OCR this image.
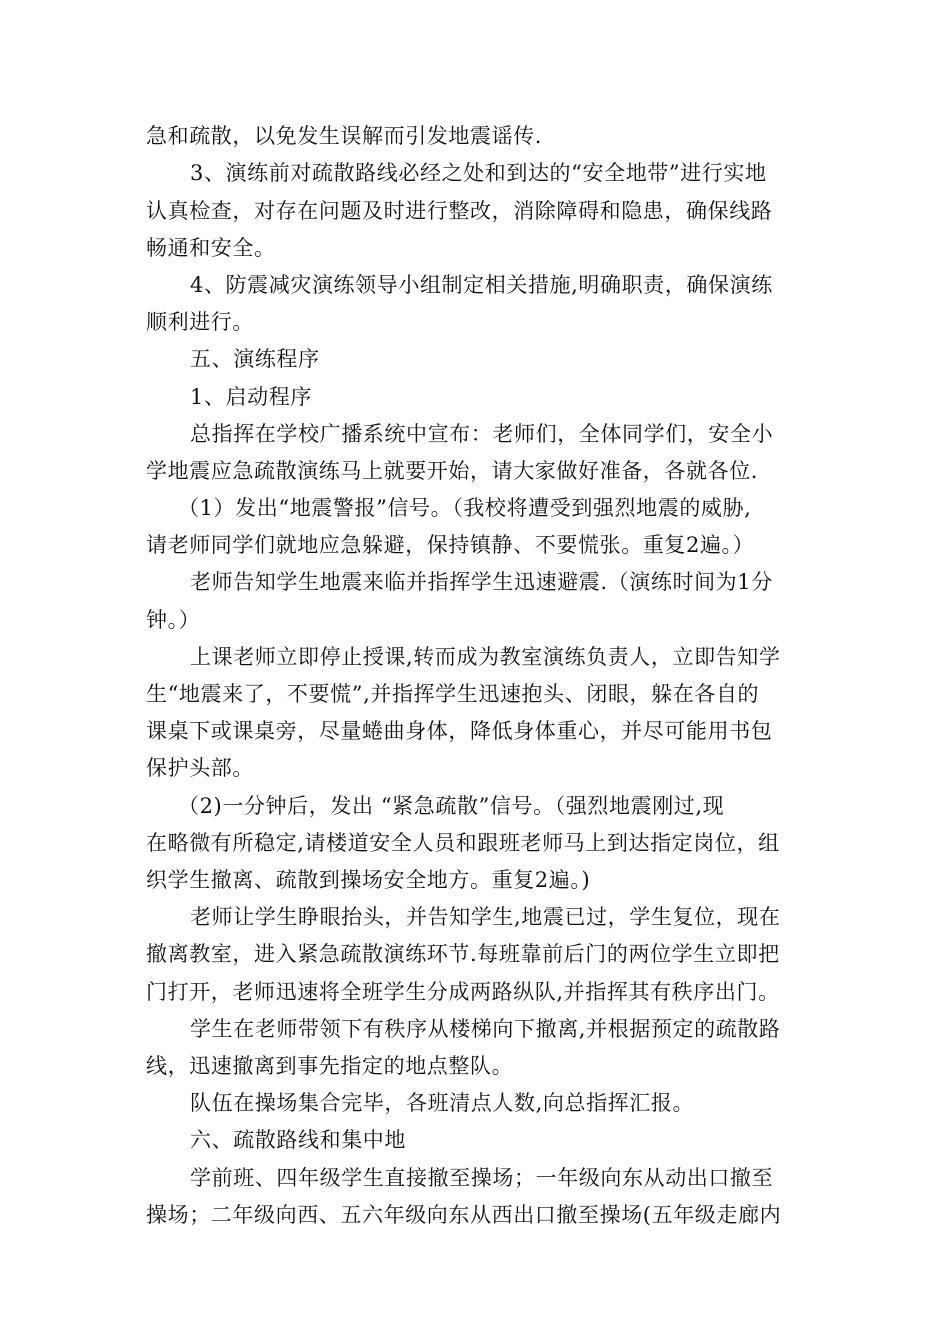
急和疏散，以免发生误解而引发地震谣传.
3、演练前对疏散路线必经之处和到达的“安全地带”进行实地
认真检查，对存在问题及时进行整改，消除障碍和隐患，确保线路
畅通和安全。
4、防震减灾演练领导小组制定相关措施,明确职责，确保演练
顺利进行。
五、演练程序
1、启动程序
总指挥在学校广播系统中宣布：老师们，全体同学们，安全小
学地震应急疏散演练马上就要开始，请大家做好准备，各就各位.
（1）发出“地震警报”信号。（我校将遭受到强烈地震的威胁,
请老师同学们就地应急躲避，保持镇静、不要慌张。重复2遍。）
老师告知学生地震来临并指挥学生迅速避震.（演练时间为1分
钟。）
上课老师立即停止授课,转而成为教室演练负责人，立即告知学
生“地震来了，不要慌”,并指挥学生迅速抱头、闭眼，躲在各自的
课桌下或课桌旁，尽量蜷曲身体，降低身体重心，并尽可能用书包
保护头部。
（2)一分钟后，发出 “紧急疏散”信号。（强烈地震刚过,现
在略微有所稳定,请楼道安全人员和跟班老师马上到达指定岗位，组
织学生撤离、疏散到操场安全地方。重复2遍。)
老师让学生睁眼抬头，并告知学生,地震已过，学生复位，现在
撤离教室，进入紧急疏散演练环节.每班靠前后门的两位学生立即把
门打开，老师迅速将全班学生分成两路纵队,并指挥其有秩序出门。
学生在老师带领下有秩序从楼梯向下撤离,并根据预定的疏散路
线，迅速撤离到事先指定的地点整队。
队伍在操场集合完毕，各班清点人数,向总指挥汇报。
六、疏散路线和集中地
学前班、四年级学生直接撤至操场；一年级向东从动出口撤至
操场；二年级向西、五六年级向东从西出口撤至操场(五年级走廊内
